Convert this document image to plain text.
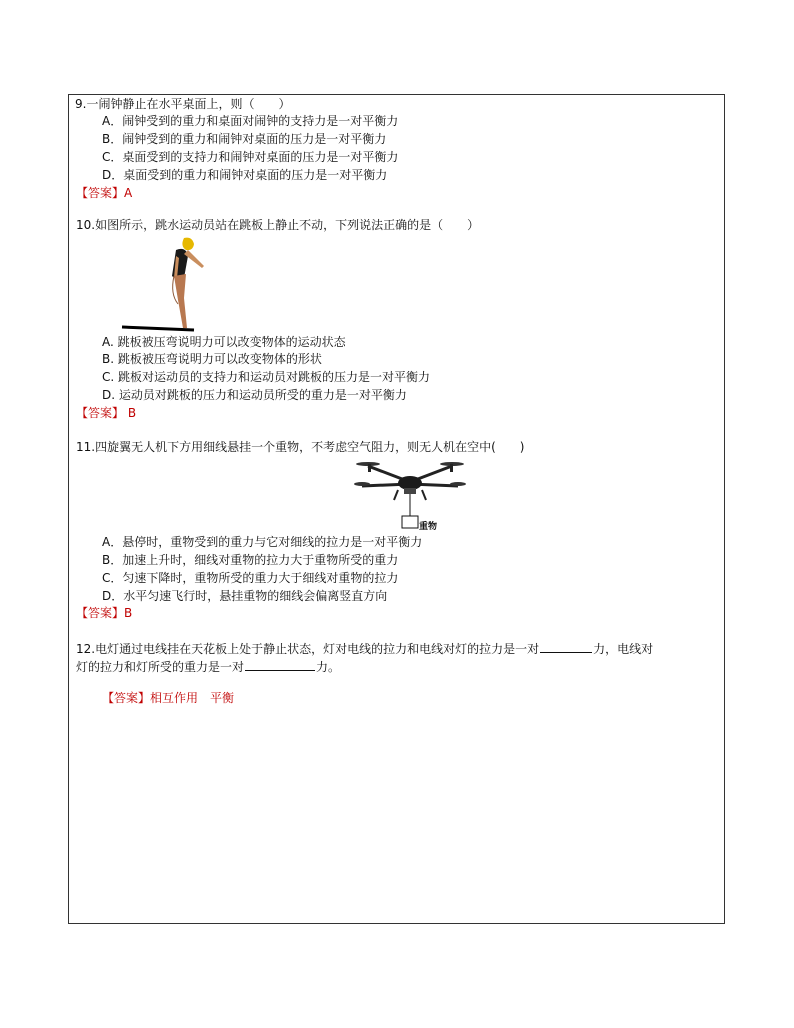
9.一闹钟静止在水平桌面上，则（　　）
A．闹钟受到的重力和桌面对闹钟的支持力是一对平衡力
B．闹钟受到的重力和闹钟对桌面的压力是一对平衡力
C．桌面受到的支持力和闹钟对桌面的压力是一对平衡力
D．桌面受到的重力和闹钟对桌面的压力是一对平衡力
【答案】A
10.如图所示，跳水运动员站在跳板上静止不动，下列说法正确的是（　　）
A. 跳板被压弯说明力可以改变物体的运动状态
B. 跳板被压弯说明力可以改变物体的形状
C. 跳板对运动员的支持力和运动员对跳板的压力是一对平衡力
D. 运动员对跳板的压力和运动员所受的重力是一对平衡力
【答案】 B
11.四旋翼无人机下方用细线悬挂一个重物，不考虑空气阻力，则无人机在空中(　　)
重物
A．悬停时，重物受到的重力与它对细线的拉力是一对平衡力
B．加速上升时，细线对重物的拉力大于重物所受的重力
C．匀速下降时，重物所受的重力大于细线对重物的拉力
D．水平匀速飞行时，悬挂重物的细线会偏离竖直方向
【答案】B
12.电灯通过电线挂在天花板上处于静止状态，灯对电线的拉力和电线对灯的拉力是一对	力，电线对
灯的拉力和灯所受的重力是一对	力。
【答案】相互作用　平衡
